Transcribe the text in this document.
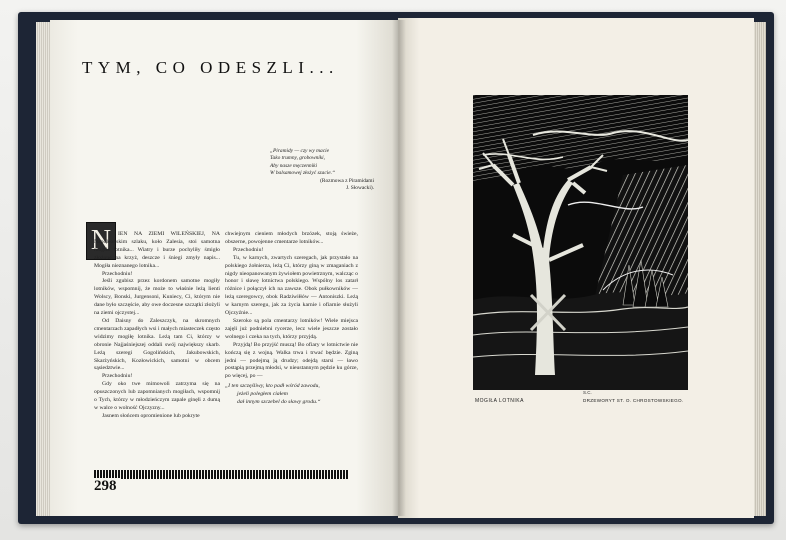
TYM, CO ODESZLI...
„Piramidy — czy wy macie
Tako trumny, grobowniki,
Aby nasze męczenniki
W balsamowej złożyć szacie.“
(Rozmowa z Piramidami
J. Słowacki).
N	IEN NA ZIEMI WILEŃSKIEJ, NA Napoleońskim szlaku, koło Zalesia, stoi samotna mogiła lotnika... Wiatry i burze pochyliły śmigło złożone na krzyż, deszcze i śniegi zmyły napis... Mogiła nieznanego lotnika...

Przechodniu!

Jeśli zgubisz przez kordonem samotne mogiły lotników, wspomnij, że może to właśnie leżą lienti Wolscy, Bonski, Jurgensoni, Kuniecy, Ci, którym nie dane było szczęście, aby owe doczesne szczątki złożyli na ziemi ojczystej...

Od Daisny do Zaleszczyk, na skromnych cmentarzach zapadłych wsi i małych miasteczek często widzimy mogiłę lotnika. Leżą tam Ci, którzy w obronie Najjaśniejszej oddali swój największy skarb. Leżą szeregi Gogolińskich, Jakubowskich, Skarżyńskich, Kozłowickich, samotni w obcem sąsiedztwie...

Przechodniu!

Gdy oko twe mimowoli zatrzyma się na opuszczonych lub zapomnianych mogiłach, wspomnij o Tych, którzy w młodzieńczym zapale ginęli z dumą w walce o wolność Ojczyzny...

Jasnem słońcem opromienione lub pokryte

chwiejnym cieniem młodych brzózek, stoją świeże, obszerne, powojenne cmentarze lotników...

Przechodniu!

Tu, w karnych, zwartych szeregach, jak przystało na polskiego żołnierza, leżą Ci, którzy giną w zmaganiach z nigdy nieopanowanym żywiołem powietrznym, walcząc o honor i sławę lotnictwa polskiego. Wspólny los zatarł różnice i połączył ich na zawsze. Obok pułkowników — leżą szeregowcy, obok Radziwiłłów — Antoniszki. Leżą w karnym szeregu, jak za życia karnie i ofiarnie służyli Ojczyźnie...

Szeroko są pola cmentarzy lotników! Wiele miejsca zajęli już podniebni rycerze, lecz wiele jeszcze zostało wolnego i czeka na tych, którzy przyjdą.

Przyjdą! Bo przyjść muszą! Bo ofiary w lotnictwie nie kończą się z wojną. Walka trwa i trwać będzie. Zginą jedni — podejmą ją drudzy; odejdą starsi — ławo postąpią przejmą młodsi, w nieustannym pędzie ku górze, po więcej, po —

„I ten szczęśliwy, kto padł wśród zawodu,
jeżeli poległem ciałem
dał innym szczebel do sławy grodu.“
298
MOGIŁA LOTNIKA	DRZEWORYT ST. O. CHROSTOWSKIEGO.
S.C.
